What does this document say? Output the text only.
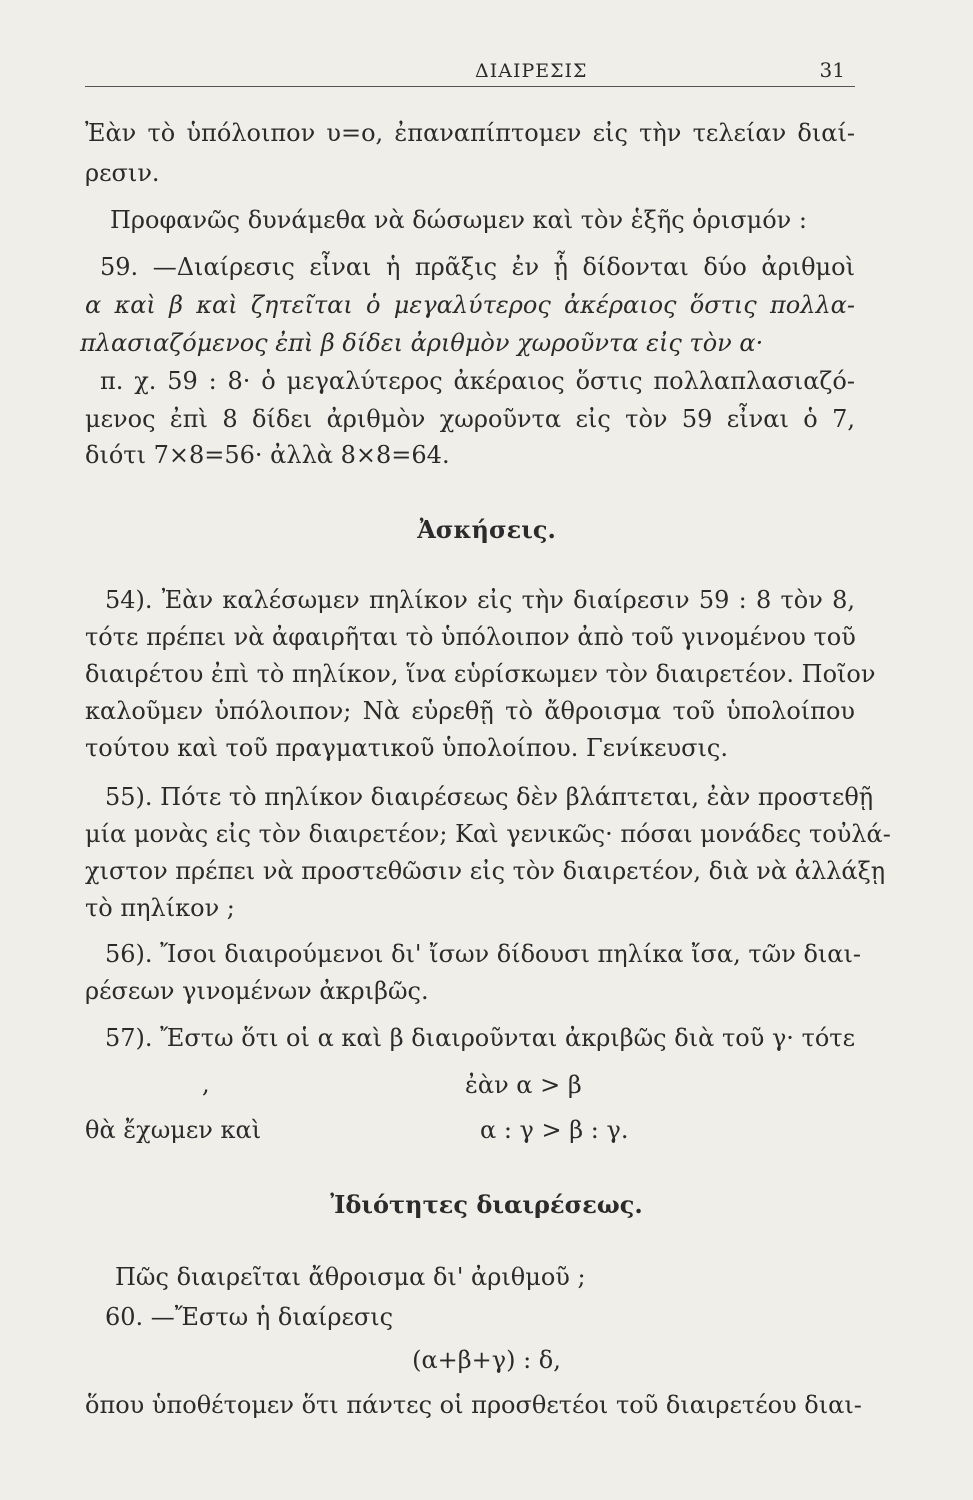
ΔΙΑΙΡΕΣΙΣ	31
Ἐὰν τὸ ὑπόλοιπον υ=ο, ἐπαναπίπτομεν εἰς τὴν τελείαν διαί-
ρεσιν.
Προφανῶς δυνάμεθα νὰ δώσωμεν καὶ τὸν ἑξῆς ὁρισμόν :
59. —Διαίρεσις εἶναι ἡ πρᾶξις ἐν ᾗ δίδονται δύο ἀριθμοὶ
α καὶ β καὶ ζητεῖται ὁ μεγαλύτερος ἀκέραιος ὅστις πολλα-
πλασιαζόμενος ἐπὶ β δίδει ἀριθμὸν χωροῦντα εἰς τὸν α·
π. χ. 59 : 8· ὁ μεγαλύτερος ἀκέραιος ὅστις πολλαπλασιαζό-
μενος ἐπὶ 8 δίδει ἀριθμὸν χωροῦντα εἰς τὸν 59 εἶναι ὁ 7,
διότι 7×8=56· ἀλλὰ 8×8=64.
Ἀσκήσεις.
54). Ἐὰν καλέσωμεν πηλίκον εἰς τὴν διαίρεσιν 59 : 8 τὸν 8,
τότε πρέπει νὰ ἀφαιρῆται τὸ ὑπόλοιπον ἀπὸ τοῦ γινομένου τοῦ
διαιρέτου ἐπὶ τὸ πηλίκον, ἵνα εὑρίσκωμεν τὸν διαιρετέον. Ποῖον
καλοῦμεν ὑπόλοιπον; Νὰ εὑρεθῇ τὸ ἄθροισμα τοῦ ὑπολοίπου
τούτου καὶ τοῦ πραγματικοῦ ὑπολοίπου. Γενίκευσις.
55). Πότε τὸ πηλίκον διαιρέσεως δὲν βλάπτεται, ἐὰν προστεθῇ
μία μονὰς εἰς τὸν διαιρετέον; Καὶ γενικῶς· πόσαι μονάδες τοὐλά-
χιστον πρέπει νὰ προστεθῶσιν εἰς τὸν διαιρετέον, διὰ νὰ ἀλλάξῃ
τὸ πηλίκον ;
56). Ἴσοι διαιρούμενοι δι' ἴσων δίδουσι πηλίκα ἴσα, τῶν διαι-
ρέσεων γινομένων ἀκριβῶς.
57). Ἔστω ὅτι οἱ α καὶ β διαιροῦνται ἀκριβῶς διὰ τοῦ γ· τότε
,	ἐὰν α > β
θὰ ἔχωμεν καὶ	α : γ > β : γ.
Ἰδιότητες διαιρέσεως.
Πῶς διαιρεῖται ἄθροισμα δι' ἀριθμοῦ ;
60. —Ἔστω ἡ διαίρεσις
(α+β+γ) : δ,
ὅπου ὑποθέτομεν ὅτι πάντες οἱ προσθετέοι τοῦ διαιρετέου διαι-
